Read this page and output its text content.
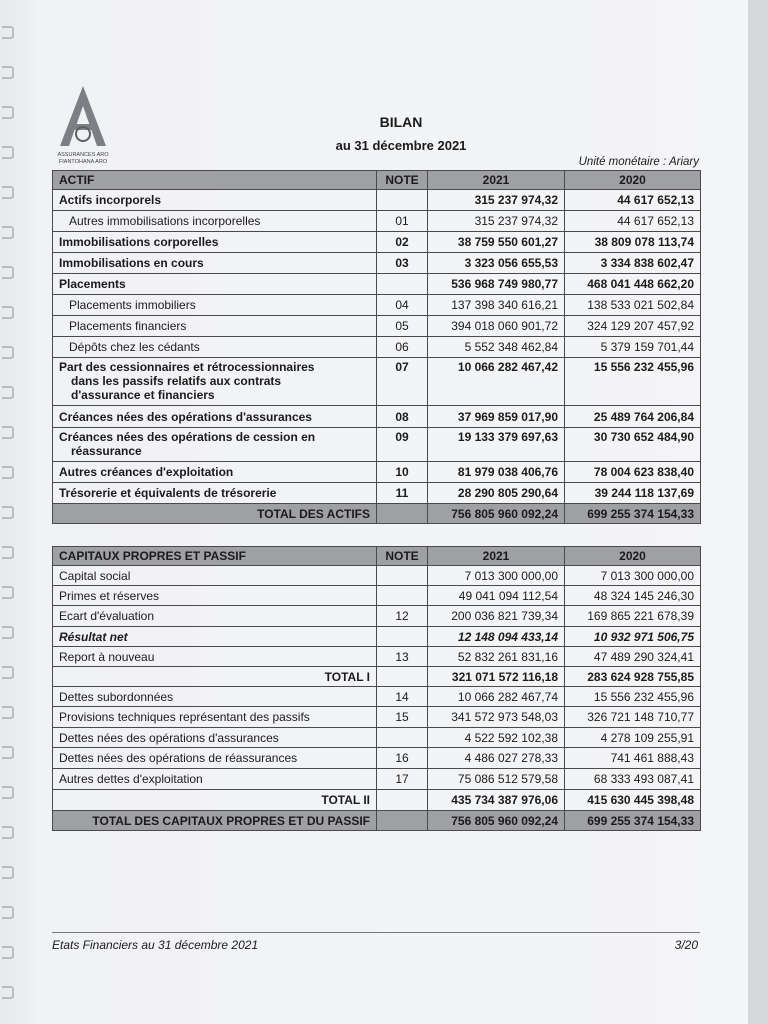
ASSURANCES ARO
FIANTOHANA ARO
BILAN
au 31 décembre 2021
Unité monétaire : Ariary
ACTIF	NOTE	2021	2020
Actifs incorporels		315 237 974,32	44 617 652,13
Autres immobilisations incorporelles	01	315 237 974,32	44 617 652,13
Immobilisations corporelles	02	38 759 550 601,27	38 809 078 113,74
Immobilisations en cours	03	3 323 056 655,53	3 334 838 602,47
Placements		536 968 749 980,77	468 041 448 662,20
Placements immobiliers	04	137 398 340 616,21	138 533 021 502,84
Placements financiers	05	394 018 060 901,72	324 129 207 457,92
Dépôts chez les cédants	06	5 552 348 462,84	5 379 159 701,44
Part des cessionnaires et rétrocessionnaires
dans les passifs relatifs aux contrats
d'assurance et financiers	07	10 066 282 467,42	15 556 232 455,96
Créances nées des opérations d'assurances	08	37 969 859 017,90	25 489 764 206,84
Créances nées des opérations de cession en
réassurance	09	19 133 379 697,63	30 730 652 484,90
Autres créances d'exploitation	10	81 979 038 406,76	78 004 623 838,40
Trésorerie et équivalents de trésorerie	11	28 290 805 290,64	39 244 118 137,69
TOTAL DES ACTIFS		756 805 960 092,24	699 255 374 154,33
CAPITAUX PROPRES ET PASSIF	NOTE	2021	2020
Capital social		7 013 300 000,00	7 013 300 000,00
Primes et réserves		49 041 094 112,54	48 324 145 246,30
Ecart d'évaluation	12	200 036 821 739,34	169 865 221 678,39
Résultat net		12 148 094 433,14	10 932 971 506,75
Report à nouveau	13	52 832 261 831,16	47 489 290 324,41
TOTAL I		321 071 572 116,18	283 624 928 755,85
Dettes subordonnées	14	10 066 282 467,74	15 556 232 455,96
Provisions techniques représentant des passifs	15	341 572 973 548,03	326 721 148 710,77
Dettes nées des opérations d'assurances		4 522 592 102,38	4 278 109 255,91
Dettes nées des opérations de réassurances	16	4 486 027 278,33	741 461 888,43
Autres dettes d'exploitation	17	75 086 512 579,58	68 333 493 087,41
TOTAL II		435 734 387 976,06	415 630 445 398,48
TOTAL DES CAPITAUX PROPRES ET DU PASSIF		756 805 960 092,24	699 255 374 154,33
Etats Financiers au 31 décembre 2021	3/20
